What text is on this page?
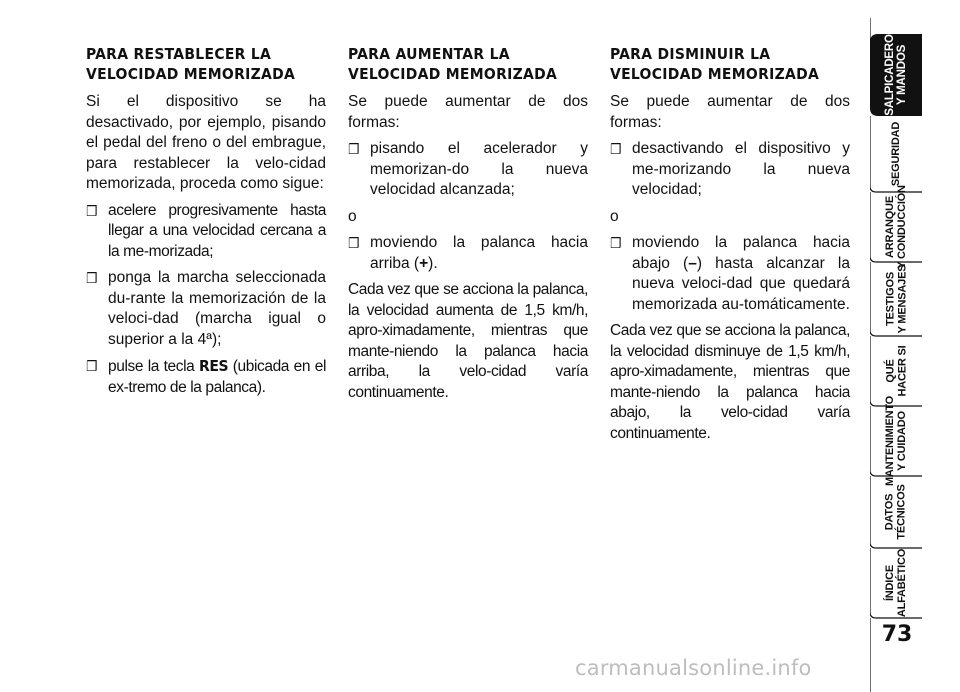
PARA RESTABLECER LA VELOCIDAD MEMORIZADA

Si el dispositivo se ha desactivado, por ejemplo, pisando el pedal del freno o del embrague, para restablecer la velo-cidad memorizada, proceda como sigue:

❒ acelere progresivamente hasta llegar a una velocidad cercana a la me-morizada;
❒ ponga la marcha seleccionada du-rante la memorización de la veloci-dad (marcha igual o superior a la 4ª);
❒ pulse la tecla RES (ubicada en el ex-tremo de la palanca).
PARA AUMENTAR LA VELOCIDAD MEMORIZADA

Se puede aumentar de dos formas:

❒ pisando el acelerador y memorizan-do la nueva velocidad alcanzada;

o

❒ moviendo la palanca hacia arriba (+).

Cada vez que se acciona la palanca, la velocidad aumenta de 1,5 km/h, apro-ximadamente, mientras que mante-niendo la palanca hacia arriba, la velo-cidad varía continuamente.

PARA DISMINUIR LA VELOCIDAD MEMORIZADA

Se puede aumentar de dos formas:

❒ desactivando el dispositivo y me-morizando la nueva velocidad;

o

❒ moviendo la palanca hacia abajo (–) hasta alcanzar la nueva veloci-dad que quedará memorizada au-tomáticamente.

Cada vez que se acciona la palanca, la velocidad disminuye de 1,5 km/h, apro-ximadamente, mientras que mante-niendo la palanca hacia abajo, la velo-cidad varía continuamente.

SALPICADERO
Y MANDOS
SEGURIDAD
ARRANQUE
Y CONDUCCIÓN
TESTIGOS
Y MENSAJES
QUÉ
HACER SI
MANTENIMIENTO
Y CUIDADO
DATOS
TÉCNICOS
ÍNDICE
ALFABÉTICO
73
carmanualsonline.info
